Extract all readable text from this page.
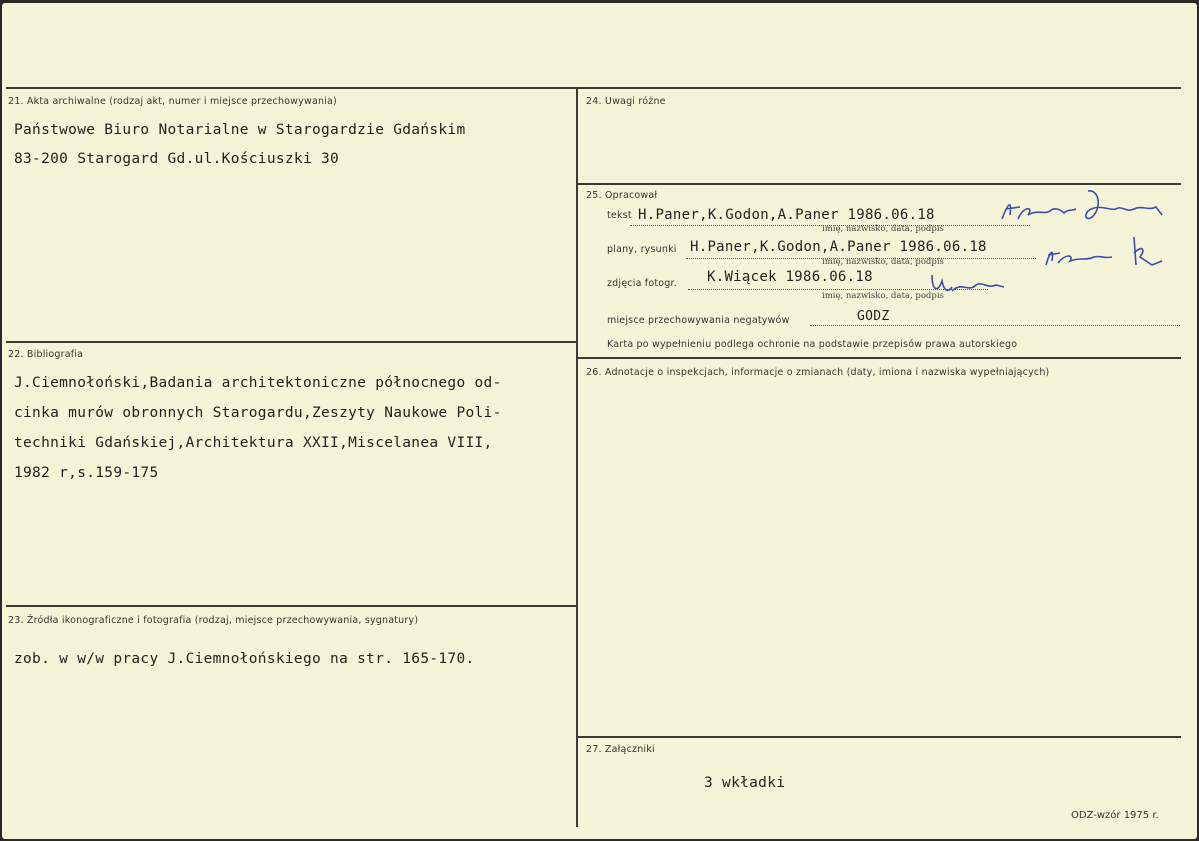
21. Akta archiwalne (rodzaj akt, numer i miejsce przechowywania)
Państwowe Biuro Notarialne w Starogardzie Gdańskim
83-200 Starogard Gd.ul.Kościuszki 30
22. Bibliografia
J.Ciemnołoński,Badania architektoniczne północnego od-
cinka murów obronnych Starogardu,Zeszyty Naukowe Poli-
techniki Gdańskiej,Architektura XXII,Miscelanea VIII,
1982 r,s.159-175
23. Źródła ikonograficzne i fotografia (rodzaj, miejsce przechowywania, sygnatury)
zob. w w/w pracy J.Ciemnołońskiego na str. 165-170.
24. Uwagi różne
25. Opracował
tekst H.Paner,K.Godon,A.Paner 1986.06.18
imię, nazwisko, data, podpis
plany, rysunki H.Paner,K.Godon,A.Paner 1986.06.18
imię, nazwisko, data, podpis
zdjęcia fotogr. K.Wiącek 1986.06.18
imię, nazwisko, data, podpis
miejsce przechowywania negatywów	GODZ
Karta po wypełnieniu podlega ochronie na podstawie przepisów prawa autorskiego
26. Adnotacje o inspekcjach, informacje o zmianach (daty, imiona i nazwiska wypełniających)
27. Załączniki
3 wkładki
ODZ-wzór 1975 r.
